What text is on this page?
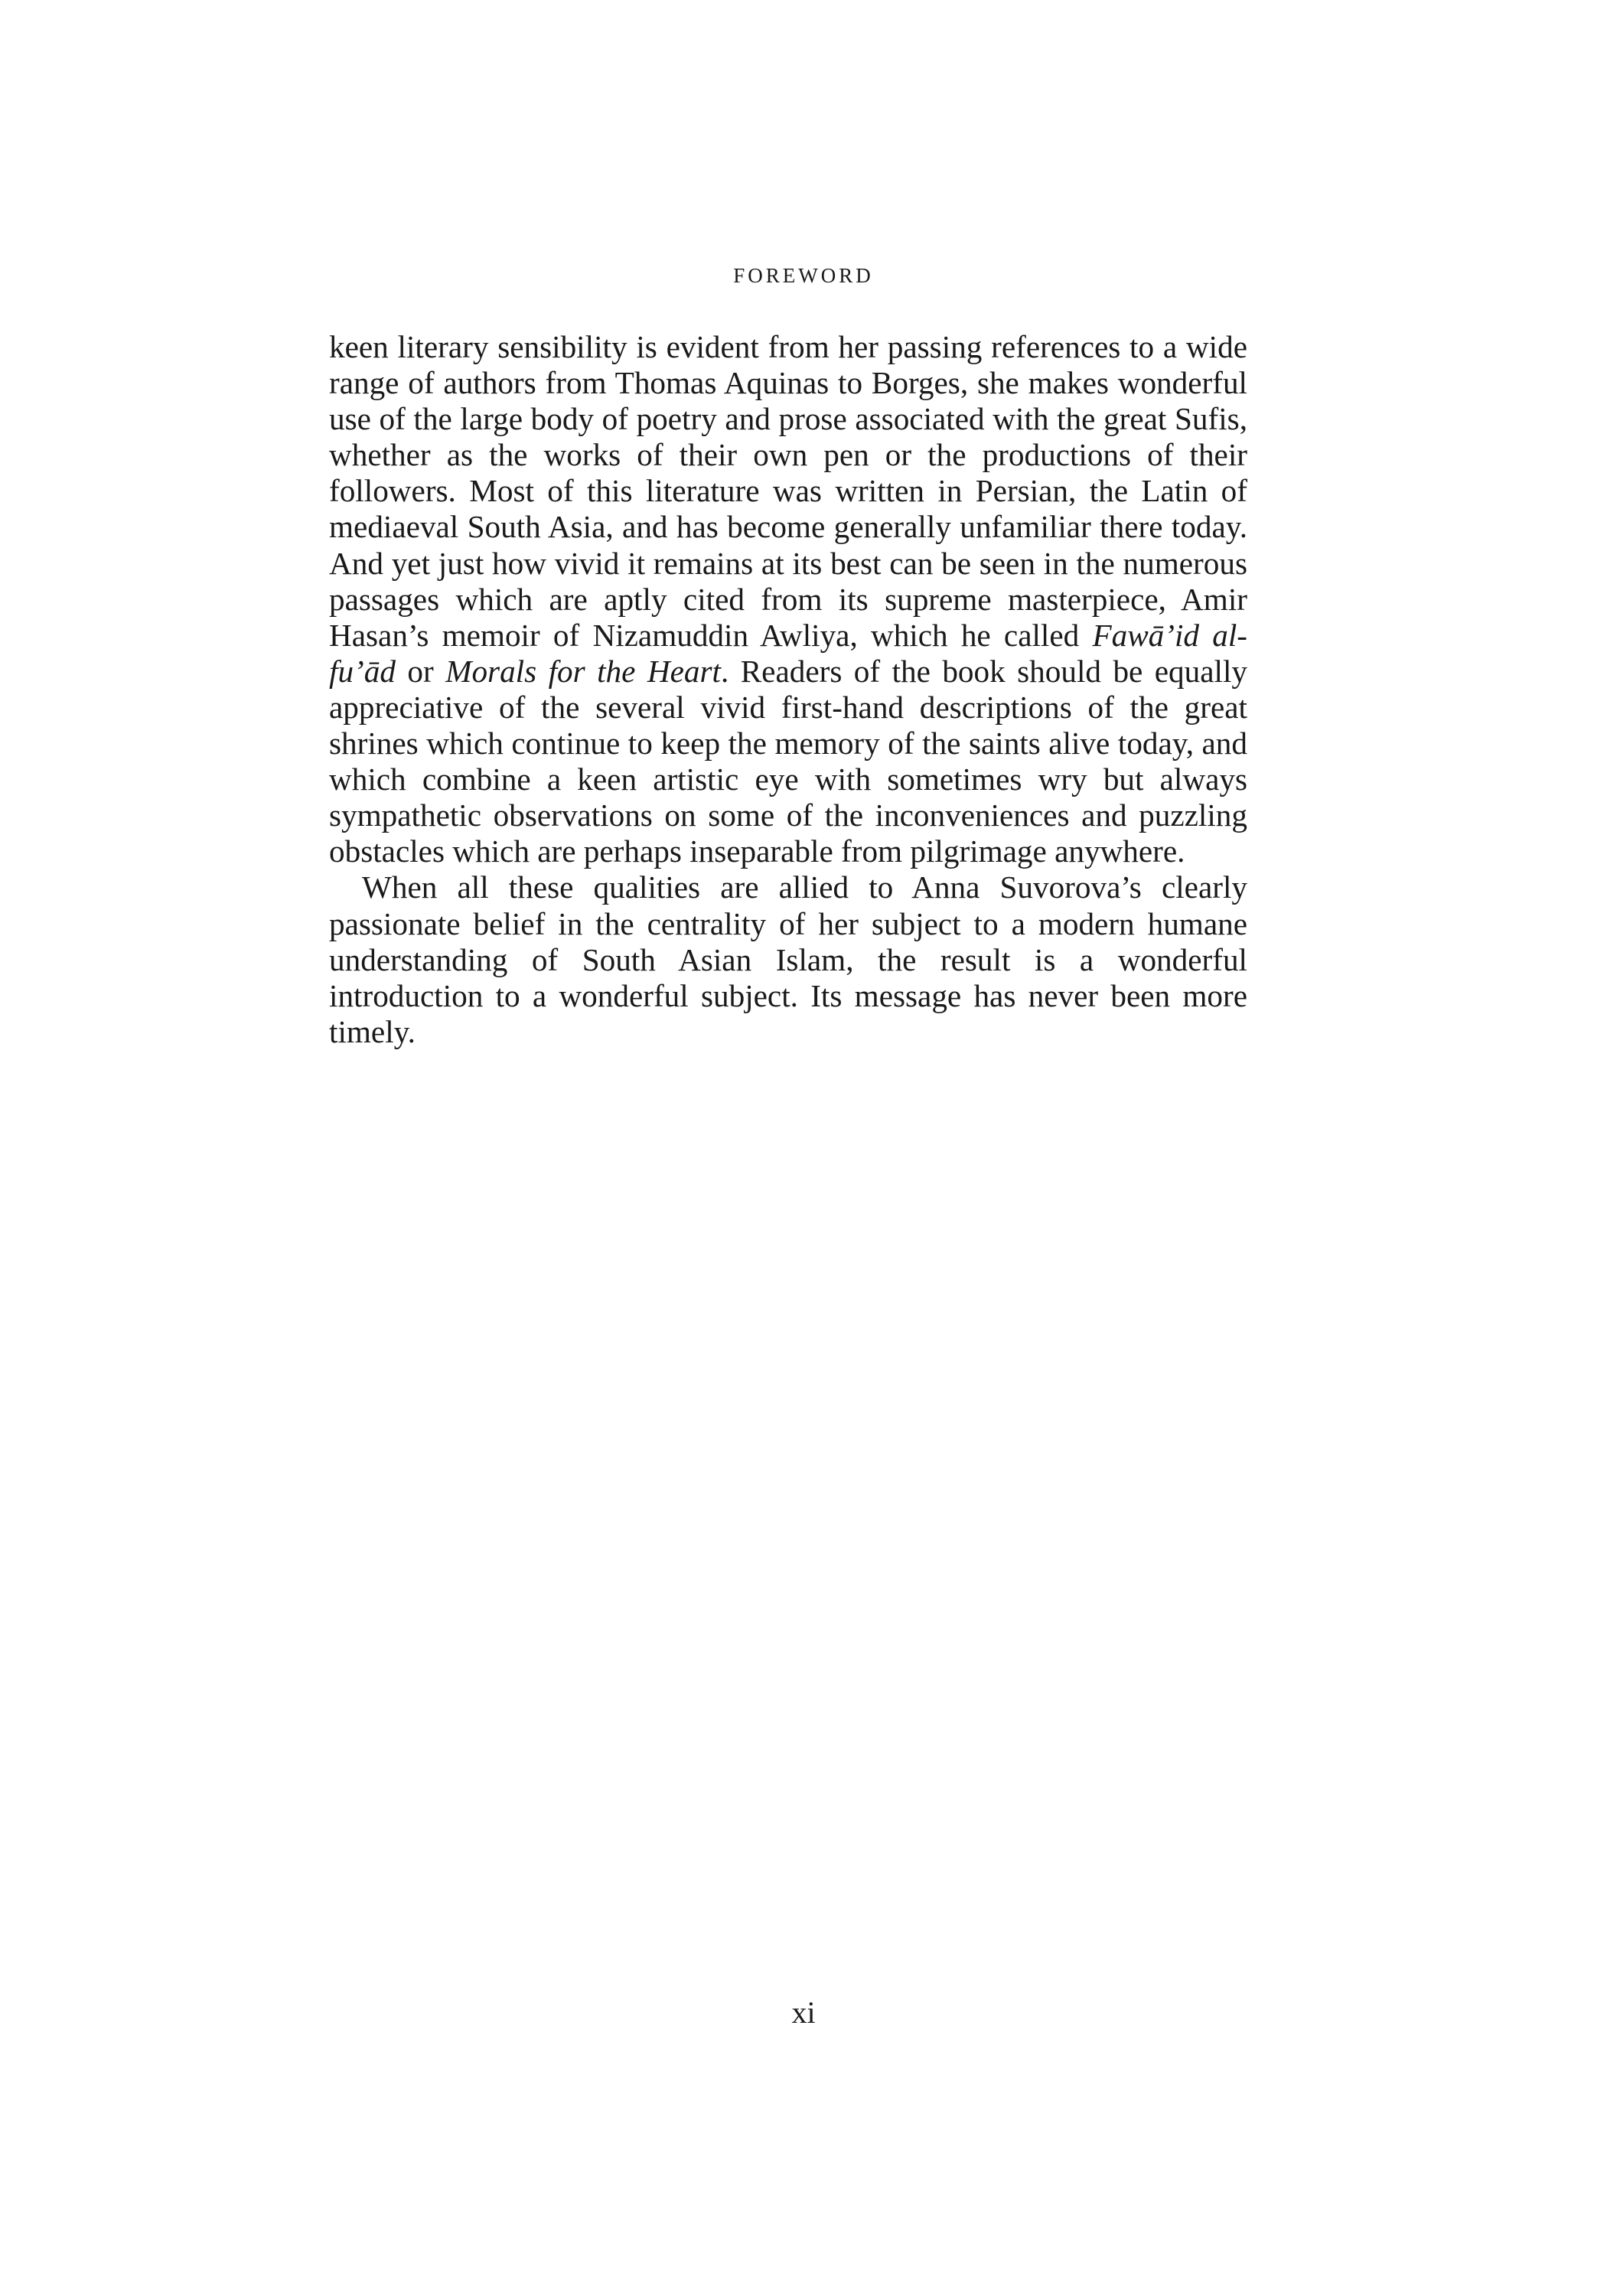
FOREWORD

keen literary sensibility is evident from her passing references to a wide range of authors from Thomas Aquinas to Borges, she makes wonderful use of the large body of poetry and prose associated with the great Sufis, whether as the works of their own pen or the productions of their followers. Most of this literature was written in Persian, the Latin of mediaeval South Asia, and has become generally unfamiliar there today. And yet just how vivid it remains at its best can be seen in the numerous passages which are aptly cited from its supreme masterpiece, Amir Hasan’s memoir of Nizamuddin Awliya, which he called Fawā’id al-fu’ād or Morals for the Heart. Readers of the book should be equally appreciative of the several vivid first-hand descriptions of the great shrines which continue to keep the memory of the saints alive today, and which combine a keen artistic eye with sometimes wry but always sympathetic observations on some of the inconveniences and puzzling obstacles which are perhaps inseparable from pilgrimage anywhere.

When all these qualities are allied to Anna Suvorova’s clearly passionate belief in the centrality of her subject to a modern humane understanding of South Asian Islam, the result is a wonderful introduction to a wonderful subject. Its message has never been more timely.

xi
